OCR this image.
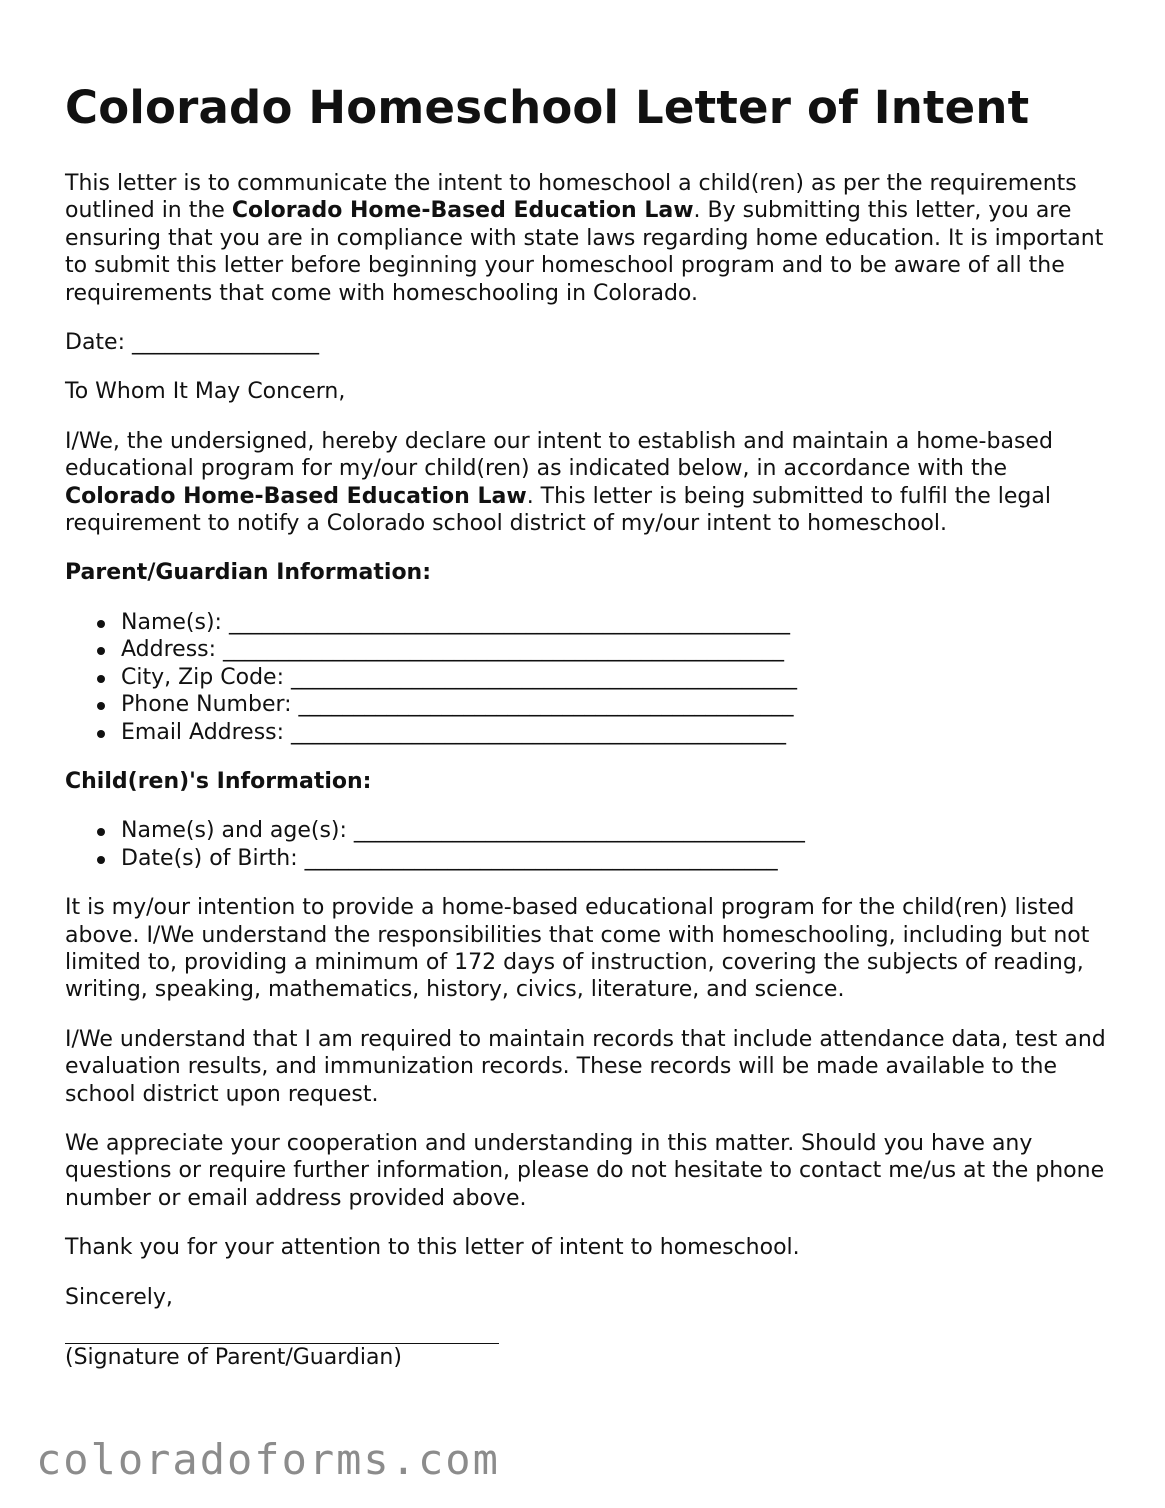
Colorado Homeschool Letter of Intent

This letter is to communicate the intent to homeschool a child(ren) as per the requirements outlined in the Colorado Home-Based Education Law. By submitting this letter, you are ensuring that you are in compliance with state laws regarding home education. It is important to submit this letter before beginning your homeschool program and to be aware of all the requirements that come with homeschooling in Colorado.

Date: _________________

To Whom It May Concern,

I/We, the undersigned, hereby declare our intent to establish and maintain a home-based educational program for my/our child(ren) as indicated below, in accordance with the Colorado Home-Based Education Law. This letter is being submitted to fulfil the legal requirement to notify a Colorado school district of my/our intent to homeschool.

Parent/Guardian Information:
Name(s): ___________________________________________________
Address: ___________________________________________________
City, Zip Code: ______________________________________________
Phone Number: _____________________________________________
Email Address: _____________________________________________
Child(ren)'s Information:
Name(s) and age(s): _________________________________________
Date(s) of Birth: ___________________________________________

It is my/our intention to provide a home-based educational program for the child(ren) listed above. I/We understand the responsibilities that come with homeschooling, including but not limited to, providing a minimum of 172 days of instruction, covering the subjects of reading, writing, speaking, mathematics, history, civics, literature, and science.

I/We understand that I am required to maintain records that include attendance data, test and evaluation results, and immunization records. These records will be made available to the school district upon request.

We appreciate your cooperation and understanding in this matter. Should you have any questions or require further information, please do not hesitate to contact me/us at the phone number or email address provided above.

Thank you for your attention to this letter of intent to homeschool.

Sincerely,

(Signature of Parent/Guardian)

coloradoforms.com
